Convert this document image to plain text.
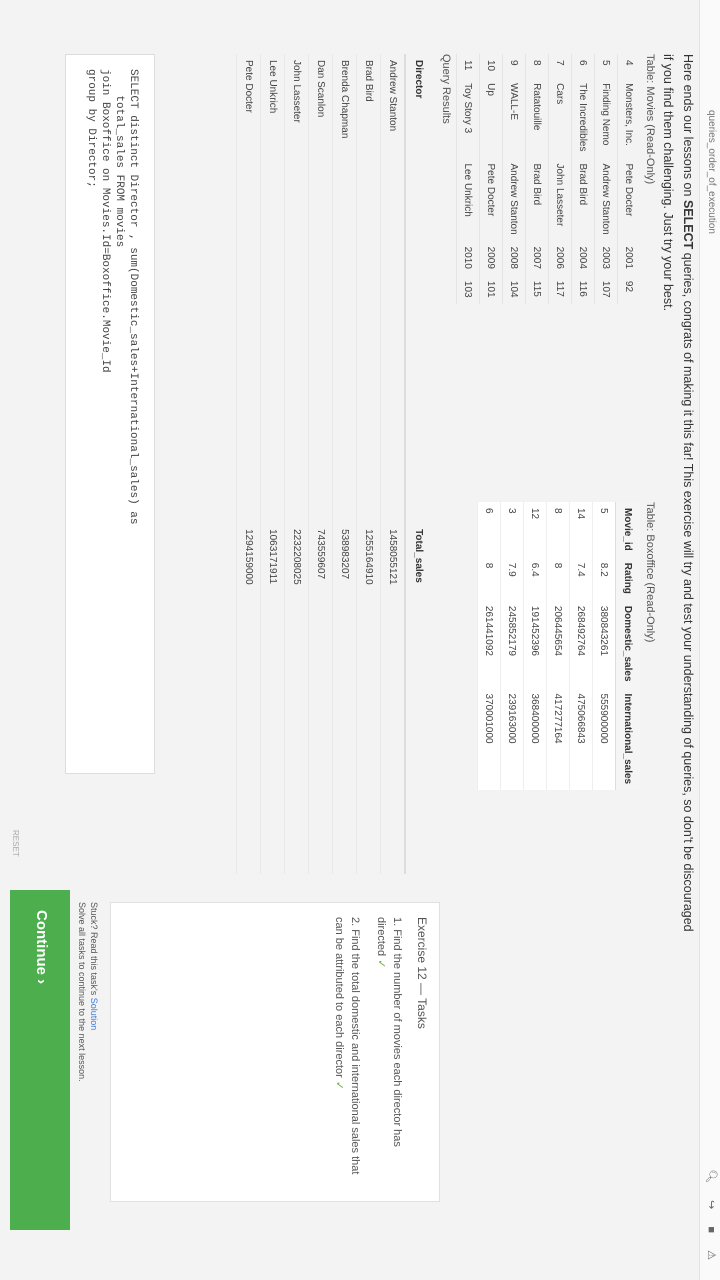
queries_order_of_execution
🔍︎ ↪ ■ ⚠
Here ends our lessons on SELECT queries, congrats of making it this far! This exercise will try and test your understanding of queries, so don't be discouraged if you find them challenging. Just try your best.
Table: Movies (Read-Only)
4	Monsters, Inc.	Pete Docter	2001	92
5	Finding Nemo	Andrew Stanton	2003	107
6	The Incredibles	Brad Bird	2004	116
7	Cars	John Lasseter	2006	117
8	Ratatouille	Brad Bird	2007	115
9	WALL-E	Andrew Stanton	2008	104
10	Up	Pete Docter	2009	101
11	Toy Story 3	Lee Unkrich	2010	103
Table: Boxoffice (Read-Only)
Movie_id	Rating	Domestic_sales	International_sales
5	8.2	380843261	555900000
14	7.4	268492764	475066843
8	8	206445654	417277164
12	6.4	191452396	368400000
3	7.9	245852179	239163000
6	8	261441092	370001000
Query Results
Director	Total_sales
Andrew Stanton	1458055121
Brad Bird	1255164910
Brenda Chapman	538983207
Dan Scanlon	743559607
John Lasseter	2232208025
Lee Unkrich	1063171911
Pete Docter	1294159000
SELECT distinct Director , sum(Domestic_sales+International_sales) as
total_sales FROM movies
join Boxoffice on Movies.Id=Boxoffice.Movie_Id
group by Director;
Exercise 12 — Tasks
1. Find the number of movies each director has directed ✓
2. Find the total domestic and international sales that can be attributed to each director ✓
RESET
Stuck? Read this task's Solution
Solve all tasks to continue to the next lesson.
Continue ›
